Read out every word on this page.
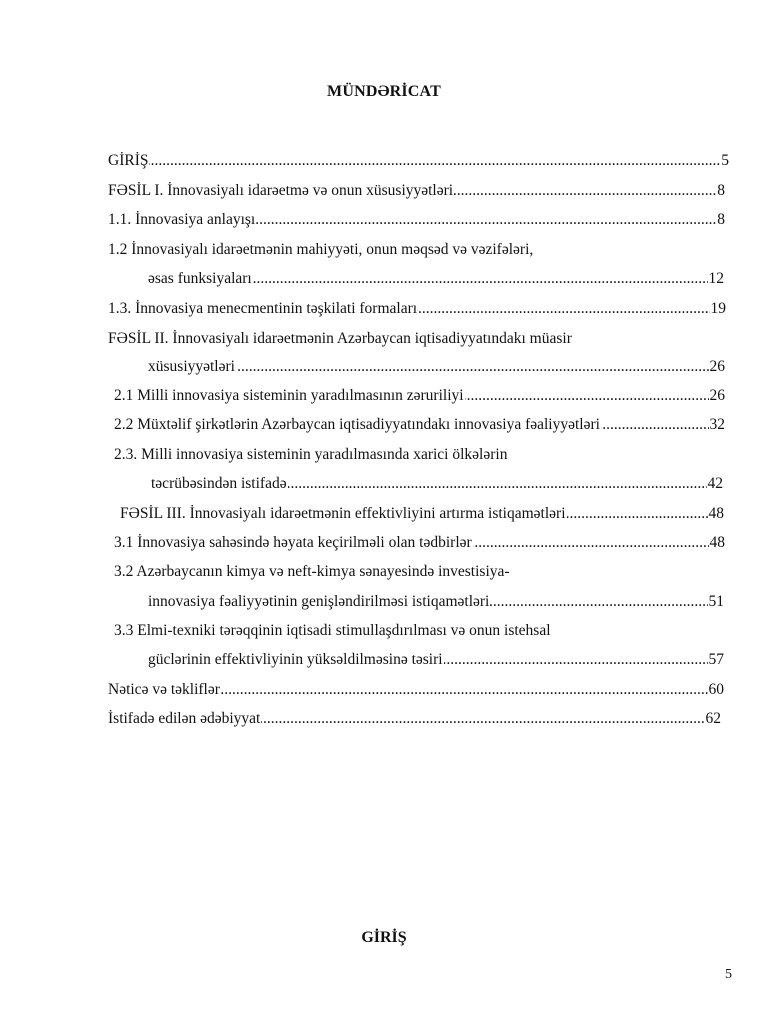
MÜNDƏRİCAT
..... GİRİŞ	5
..... FƏSİL I. İnnovasiyalı idarəetmə və onun xüsusiyyətləri	8
..... 1.1. İnnovasiya anlayışı	8
1.2 İnnovasiyalı idarəetmənin mahiyyəti, onun məqsəd və vəzifələri,
..... əsas funksiyaları	12
..... 1.3. İnnovasiya menecmentinin təşkilati formaları	19
FƏSİL II. İnnovasiyalı idarəetmənin Azərbaycan iqtisadiyyatındakı müasir
..... xüsusiyyətləri	26
..... 2.1 Milli innovasiya sisteminin yaradılmasının zəruriliyi	26
..... 2.2 Müxtəlif şirkətlərin Azərbaycan iqtisadiyyatındakı innovasiya fəaliyyətləri	32
2.3. Milli innovasiya sisteminin yaradılmasında xarici ölkələrin
..... təcrübəsindən istifadə	42
..... FƏSİL III. İnnovasiyalı idarəetmənin effektivliyini artırma istiqamətləri	48
..... 3.1 İnnovasiya sahəsində həyata keçirilməli olan tədbirlər	48
3.2 Azərbaycanın kimya və neft-kimya sənayesində investisiya-
..... innovasiya fəaliyyətinin genişləndirilməsi istiqamətləri	51
3.3 Elmi-texniki tərəqqinin iqtisadi stimullaşdırılması və onun istehsal
..... güclərinin effektivliyinin yüksəldilməsinə təsiri	57
..... Nəticə və təkliflər	60
..... İstifadə edilən ədəbiyyat	62
GİRİŞ
5
